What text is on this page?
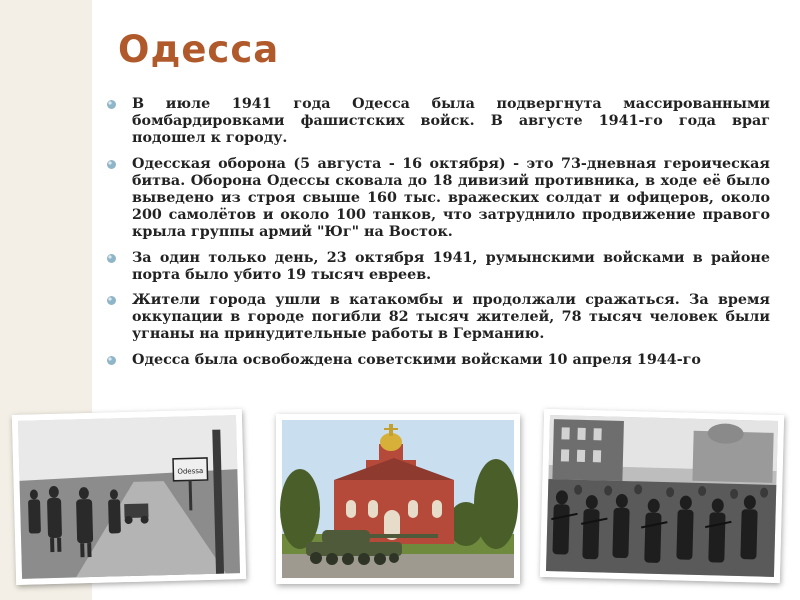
Одесса
В июле 1941 года Одесса была подвергнута массированными бомбардировками фашистских войск. В августе 1941-го года враг подошел к городу.
Одесская оборона (5 августа - 16 октября) - это 73-дневная героическая битва. Оборона Одессы сковала до 18 дивизий противника, в ходе её было выведено из строя свыше 160 тыс. вражеских солдат и офицеров, около 200 самолётов и около 100 танков, что затруднило продвижение правого крыла группы армий "Юг" на Восток.
За один только день, 23 октября 1941, румынскими войсками в районе порта было убито 19 тысяч евреев.
Жители города ушли в катакомбы и продолжали сражаться. За время оккупации в городе погибли 82 тысяч жителей, 78 тысяч человек были угнаны на принудительные работы в Германию.
Одесса была освобождена советскими войсками 10 апреля 1944-го
Odessa
